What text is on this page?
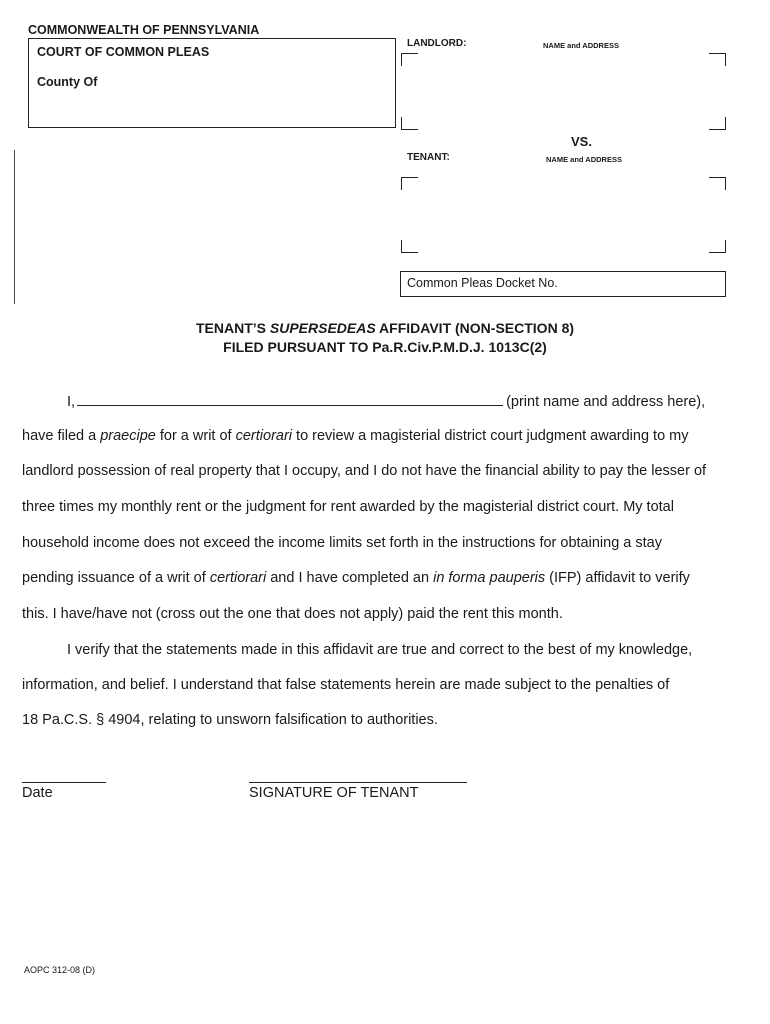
COMMONWEALTH OF PENNSYLVANIA
COURT OF COMMON PLEAS
County Of
LANDLORD:	NAME and ADDRESS
VS.
TENANT:	NAME and ADDRESS
Common Pleas Docket No.
TENANT’S SUPERSEDEAS AFFIDAVIT (NON-SECTION 8)
FILED PURSUANT TO Pa.R.Civ.P.M.D.J. 1013C(2)
I,	(print name and address here),
have filed a praecipe for a writ of certiorari to review a magisterial district court judgment awarding to my
landlord possession of real property that I occupy, and I do not have the financial ability to pay the lesser of
three times my monthly rent or the judgment for rent awarded by the magisterial district court. My total
household income does not exceed the income limits set forth in the instructions for obtaining a stay
pending issuance of a writ of certiorari and I have completed an in forma pauperis (IFP) affidavit to verify
this. I have/have not (cross out the one that does not apply) paid the rent this month.
I verify that the statements made in this affidavit are true and correct to the best of my knowledge,
information, and belief. I understand that false statements herein are made subject to the penalties of
18 Pa.C.S. § 4904, relating to unsworn falsification to authorities.
Date	SIGNATURE OF TENANT
AOPC 312-08 (D)
